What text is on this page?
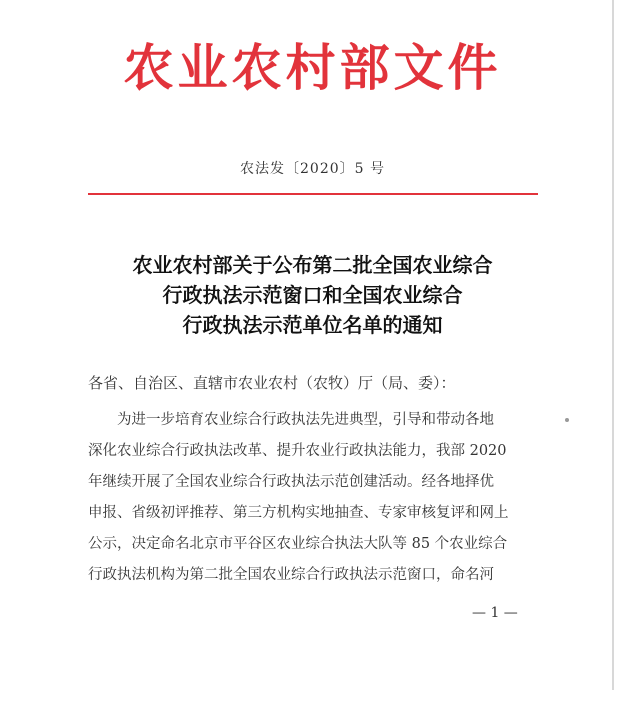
农业农村部文件
农法发〔2020〕5 号
农业农村部关于公布第二批全国农业综合
行政执法示范窗口和全国农业综合
行政执法示范单位名单的通知
各省、自治区、直辖市农业农村（农牧）厅（局、委）：
为进一步培育农业综合行政执法先进典型，引导和带动各地
深化农业综合行政执法改革、提升农业行政执法能力，我部 2020
年继续开展了全国农业综合行政执法示范创建活动。经各地择优
申报、省级初评推荐、第三方机构实地抽查、专家审核复评和网上
公示，决定命名北京市平谷区农业综合执法大队等 85 个农业综合
行政执法机构为第二批全国农业综合行政执法示范窗口，命名河
— 1 —
